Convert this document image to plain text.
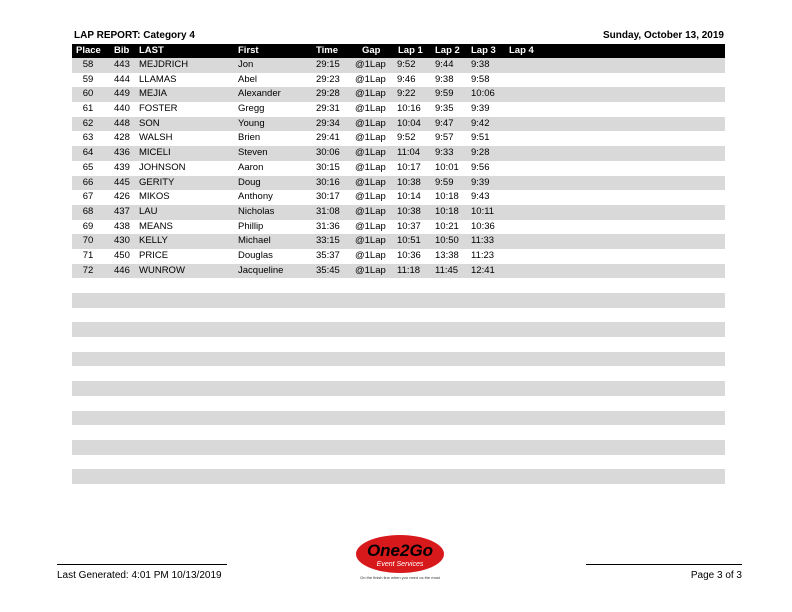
LAP REPORT: Category 4	Sunday, October 13, 2019
Place Bib	LAST	First	Time	Gap	Lap 1	Lap 2	Lap 3	Lap 4
58	443 MEJDRICH	Jon	29:15	@1Lap	9:52	9:44	9:38
59	444 LLAMAS	Abel	29:23	@1Lap	9:46	9:38	9:58
60	449 MEJIA	Alexander	29:28	@1Lap	9:22	9:59	10:06
61	440 FOSTER	Gregg	29:31	@1Lap	10:16	9:35	9:39
62	448 SON	Young	29:34	@1Lap	10:04	9:47	9:42
63	428 WALSH	Brien	29:41	@1Lap	9:52	9:57	9:51
64	436 MICELI	Steven	30:06	@1Lap	11:04	9:33	9:28
65	439 JOHNSON	Aaron	30:15	@1Lap	10:17	10:01	9:56
66	445 GERITY	Doug	30:16	@1Lap	10:38	9:59	9:39
67	426 MIKOS	Anthony	30:17	@1Lap	10:14	10:18	9:43
68	437 LAU	Nicholas	31:08	@1Lap	10:38	10:18	10:11
69	438 MEANS	Phillip	31:36	@1Lap	10:37	10:21	10:36
70	430 KELLY	Michael	33:15	@1Lap	10:51	10:50	11:33
71	450 PRICE	Douglas	35:37	@1Lap	10:36	13:38	11:23
72	446 WUNROW	Jacqueline	35:45	@1Lap	11:18	11:45	12:41
Last Generated: 4:01 PM 10/13/2019	Page 3 of 3
One2Go
Event Services
On the finish line when you need us the most
